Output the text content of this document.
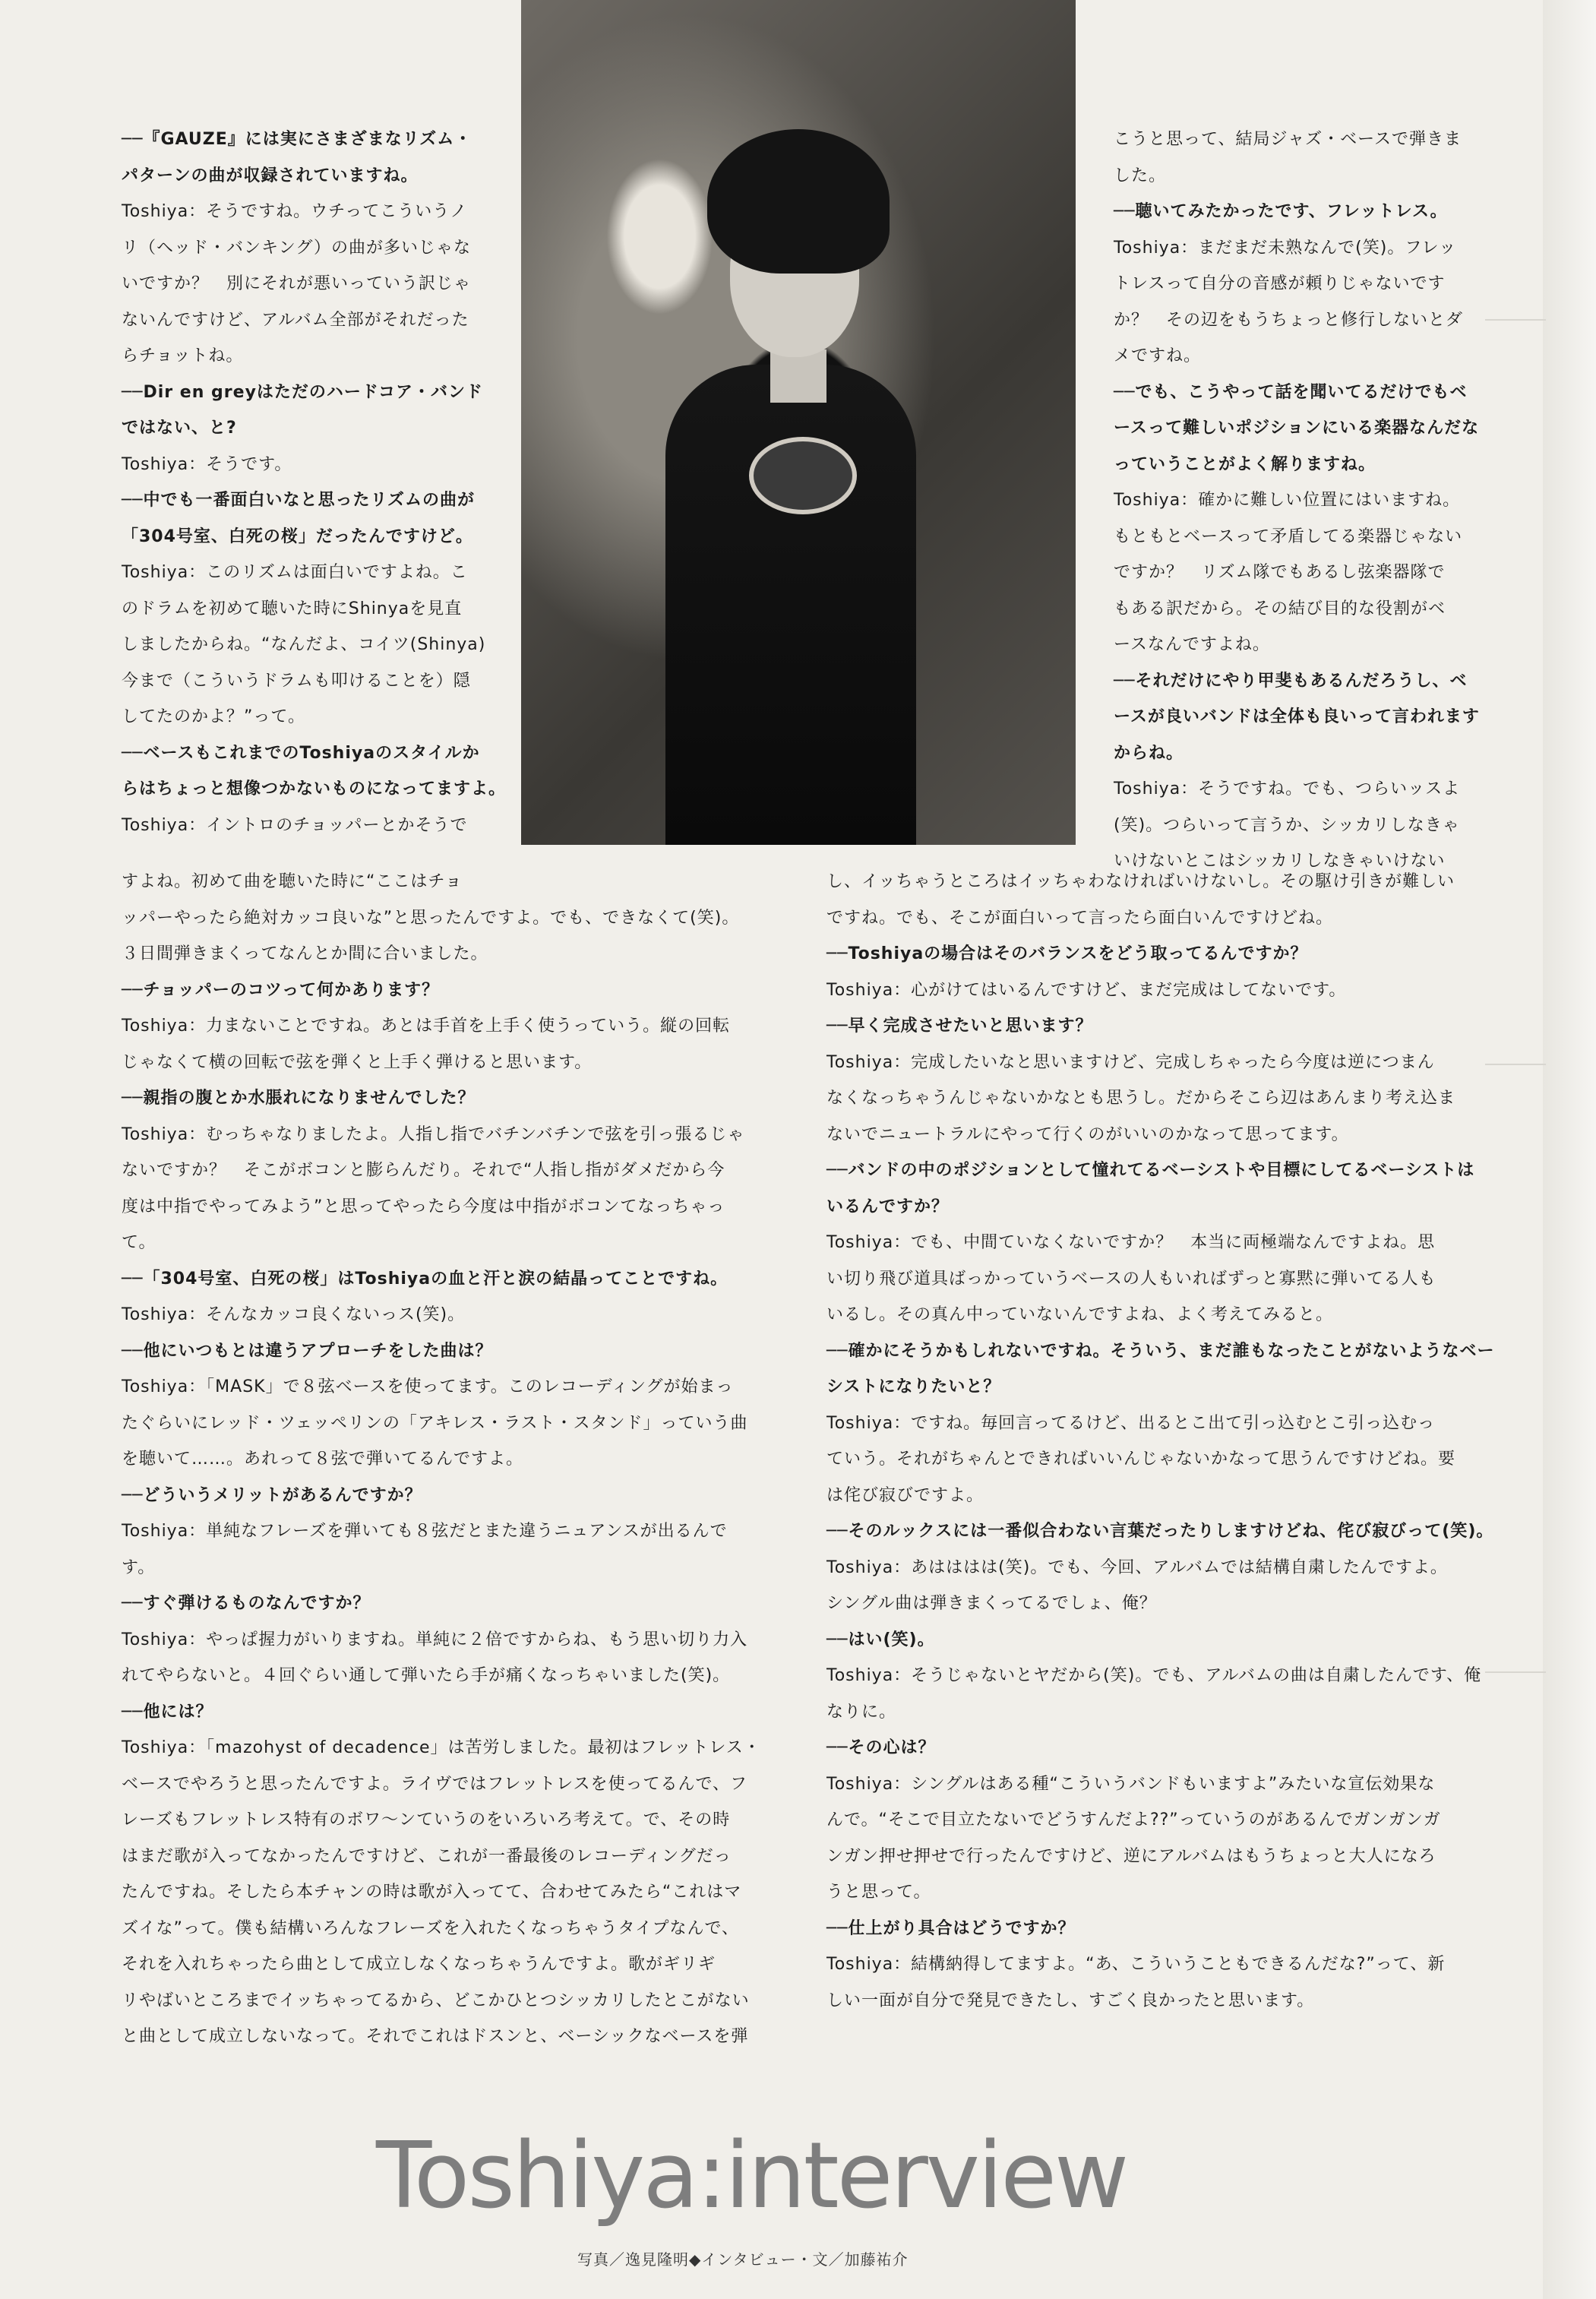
──『GAUZE』には実にさまざまなリズム・

パターンの曲が収録されていますね。

Toshiya：そうですね。ウチってこういうノ

リ（ヘッド・バンキング）の曲が多いじゃな

いですか？　別にそれが悪いっていう訳じゃ

ないんですけど、アルバム全部がそれだった

らチョットね。

──Dir en greyはただのハードコア・バンド

ではない、と?

Toshiya：そうです。

──中でも一番面白いなと思ったリズムの曲が

「304号室、白死の桜」だったんですけど。

Toshiya：このリズムは面白いですよね。こ

のドラムを初めて聴いた時にShinyaを見直

しましたからね。“なんだよ、コイツ(Shinya)

今まで（こういうドラムも叩けることを）隠

してたのかよ？”って。

──ベースもこれまでのToshiyaのスタイルか

らはちょっと想像つかないものになってますよ。

Toshiya：イントロのチョッパーとかそうで

こうと思って、結局ジャズ・ベースで弾きま

した。

──聴いてみたかったです、フレットレス。

Toshiya：まだまだ未熟なんで(笑)。フレッ

トレスって自分の音感が頼りじゃないです

か？　その辺をもうちょっと修行しないとダ

メですね。

──でも、こうやって話を聞いてるだけでもベ

ースって難しいポジションにいる楽器なんだな

っていうことがよく解りますね。

Toshiya：確かに難しい位置にはいますね。

もともとベースって矛盾してる楽器じゃない

ですか？　リズム隊でもあるし弦楽器隊で

もある訳だから。その結び目的な役割がベ

ースなんですよね。

──それだけにやり甲斐もあるんだろうし、ベ

ースが良いバンドは全体も良いって言われます

からね。

Toshiya：そうですね。でも、つらいッスよ

(笑)。つらいって言うか、シッカリしなきゃ

いけないとこはシッカリしなきゃいけない

すよね。初めて曲を聴いた時に“ここはチョ

ッパーやったら絶対カッコ良いな”と思ったんですよ。でも、できなくて(笑)。

３日間弾きまくってなんとか間に合いました。

──チョッパーのコツって何かあります？

Toshiya：力まないことですね。あとは手首を上手く使うっていう。縦の回転

じゃなくて横の回転で弦を弾くと上手く弾けると思います。

──親指の腹とか水脹れになりませんでした？

Toshiya：むっちゃなりましたよ。人指し指でバチンバチンで弦を引っ張るじゃ

ないですか？　そこがボコンと膨らんだり。それで“人指し指がダメだから今

度は中指でやってみよう”と思ってやったら今度は中指がボコンてなっちゃっ

て。

──「304号室、白死の桜」はToshiyaの血と汗と涙の結晶ってことですね。

Toshiya：そんなカッコ良くないっス(笑)。

──他にいつもとは違うアプローチをした曲は？

Toshiya：「MASK」で８弦ベースを使ってます。このレコーディングが始まっ

たぐらいにレッド・ツェッペリンの「アキレス・ラスト・スタンド」っていう曲

を聴いて……。あれって８弦で弾いてるんですよ。

──どういうメリットがあるんですか？

Toshiya：単純なフレーズを弾いても８弦だとまた違うニュアンスが出るんで

す。

──すぐ弾けるものなんですか？

Toshiya：やっぱ握力がいりますね。単純に２倍ですからね、もう思い切り力入

れてやらないと。４回ぐらい通して弾いたら手が痛くなっちゃいました(笑)。

──他には？

Toshiya：「mazohyst of decadence」は苦労しました。最初はフレットレス・

ベースでやろうと思ったんですよ。ライヴではフレットレスを使ってるんで、フ

レーズもフレットレス特有のボワ～ンていうのをいろいろ考えて。で、その時

はまだ歌が入ってなかったんですけど、これが一番最後のレコーディングだっ

たんですね。そしたら本チャンの時は歌が入ってて、合わせてみたら“これはマ

ズイな”って。僕も結構いろんなフレーズを入れたくなっちゃうタイプなんで、

それを入れちゃったら曲として成立しなくなっちゃうんですよ。歌がギリギ

リやばいところまでイッちゃってるから、どこかひとつシッカリしたとこがない

と曲として成立しないなって。それでこれはドスンと、ベーシックなベースを弾

し、イッちゃうところはイッちゃわなければいけないし。その駆け引きが難しい

ですね。でも、そこが面白いって言ったら面白いんですけどね。

──Toshiyaの場合はそのバランスをどう取ってるんですか？

Toshiya：心がけてはいるんですけど、まだ完成はしてないです。

──早く完成させたいと思います？

Toshiya：完成したいなと思いますけど、完成しちゃったら今度は逆につまん

なくなっちゃうんじゃないかなとも思うし。だからそこら辺はあんまり考え込ま

ないでニュートラルにやって行くのがいいのかなって思ってます。

──バンドの中のポジションとして憧れてるベーシストや目標にしてるベーシストは

いるんですか？

Toshiya：でも、中間ていなくないですか？　本当に両極端なんですよね。思

い切り飛び道具ばっかっていうベースの人もいればずっと寡黙に弾いてる人も

いるし。その真ん中っていないんですよね、よく考えてみると。

──確かにそうかもしれないですね。そういう、まだ誰もなったことがないようなベー

シストになりたいと？

Toshiya：ですね。毎回言ってるけど、出るとこ出て引っ込むとこ引っ込むっ

ていう。それがちゃんとできればいいんじゃないかなって思うんですけどね。要

は侘び寂びですよ。

──そのルックスには一番似合わない言葉だったりしますけどね、侘び寂びって(笑)。

Toshiya：あはははは(笑)。でも、今回、アルバムでは結構自粛したんですよ。

シングル曲は弾きまくってるでしょ、俺？

──はい(笑)。

Toshiya：そうじゃないとヤだから(笑)。でも、アルバムの曲は自粛したんです、俺

なりに。

──その心は？

Toshiya：シングルはある種“こういうバンドもいますよ”みたいな宣伝効果な

んで。“そこで目立たないでどうすんだよ??”っていうのがあるんでガンガンガ

ンガン押せ押せで行ったんですけど、逆にアルバムはもうちょっと大人になろ

うと思って。

──仕上がり具合はどうですか？

Toshiya：結構納得してますよ。“あ、こういうこともできるんだな?”って、新

しい一面が自分で発見できたし、すごく良かったと思います。

Toshiya:interview
写真／逸見隆明◆インタビュー・文／加藤祐介
